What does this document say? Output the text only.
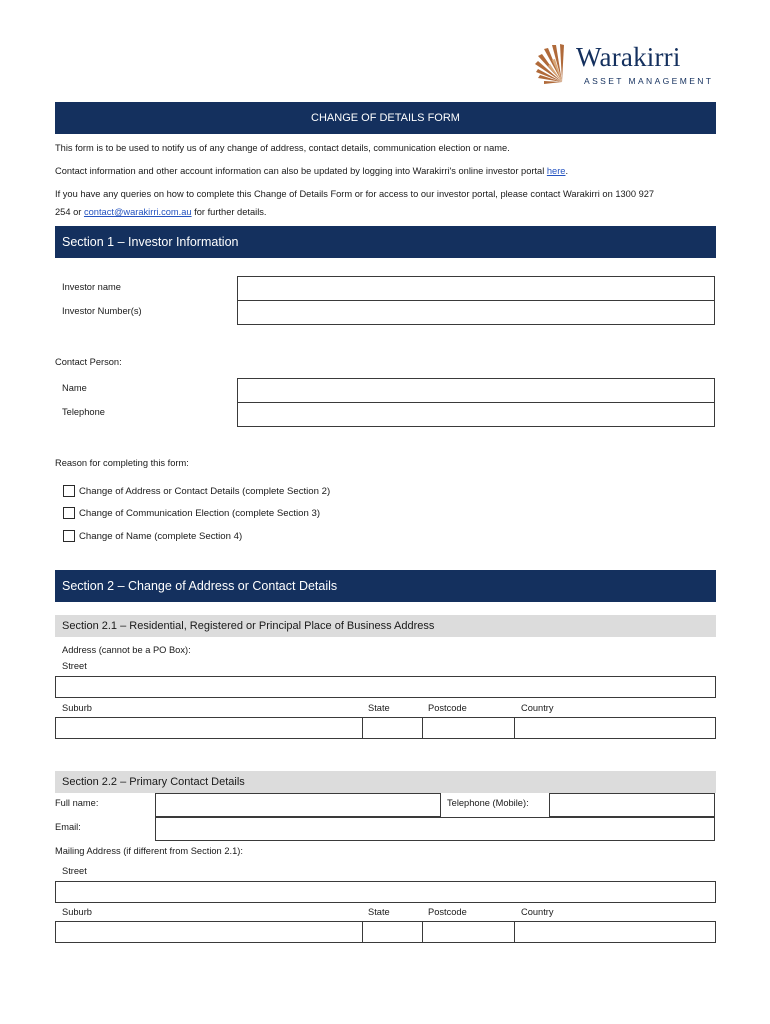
Warakirri
ASSET MANAGEMENT
CHANGE OF DETAILS FORM
This form is to be used to notify us of any change of address, contact details, communication election or name.
Contact information and other account information can also be updated by logging into Warakirri's online investor portal here.
If you have any queries on how to complete this Change of Details Form or for access to our investor portal, please contact Warakirri on 1300 927
254 or contact@warakirri.com.au for further details.
Section 1 – Investor Information
Investor name
Investor Number(s)
Contact Person:
Name
Telephone
Reason for completing this form:
Change of Address or Contact Details (complete Section 2)
Change of Communication Election (complete Section 3)
Change of Name (complete Section 4)
Section 2 – Change of Address or Contact Details
Section 2.1 – Residential, Registered or Principal Place of Business Address
Address (cannot be a PO Box):
Street
Suburb	State	Postcode	Country
Section 2.2 – Primary Contact Details
Full name:	Telephone (Mobile):
Email:
Mailing Address (if different from Section 2.1):
Street
Suburb	State	Postcode	Country
